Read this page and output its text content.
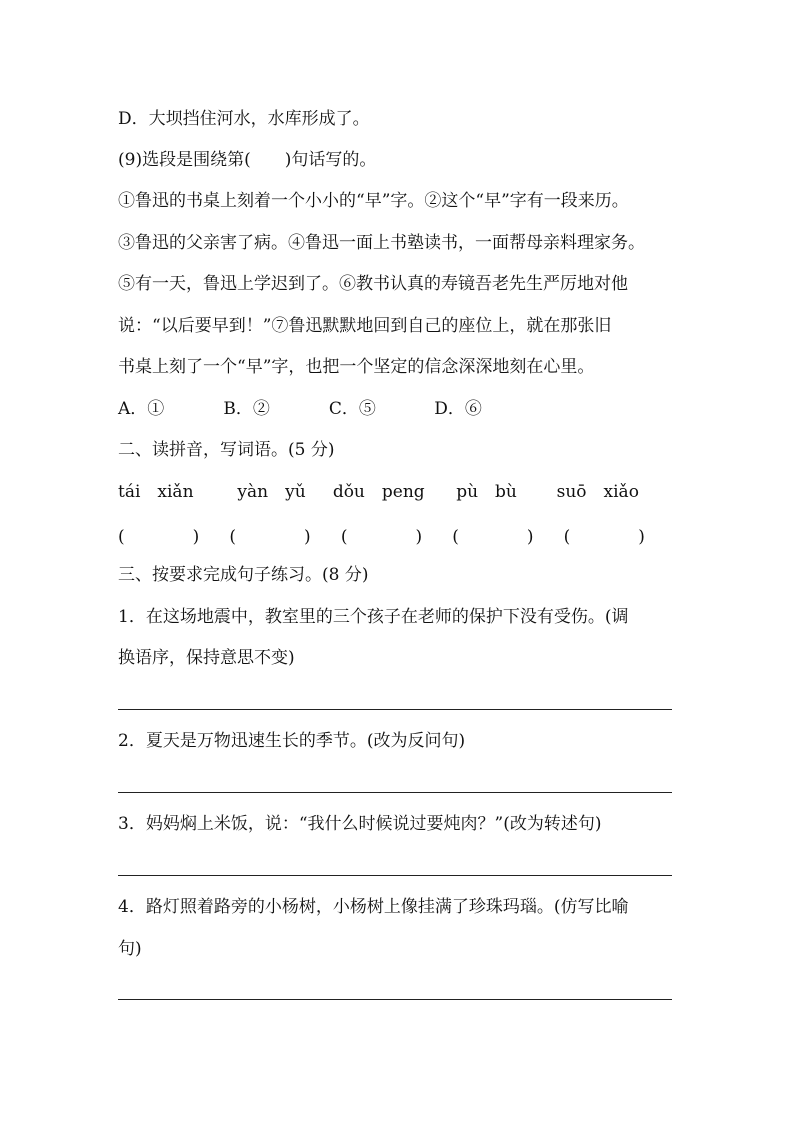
D．大坝挡住河水，水库形成了。
(9)选段是围绕第(　　)句话写的。
①鲁迅的书桌上刻着一个小小的“早”字。②这个“早”字有一段来历。
③鲁迅的父亲害了病。④鲁迅一面上书塾读书，一面帮母亲料理家务。
⑤有一天，鲁迅上学迟到了。⑥教书认真的寿镜吾老先生严厉地对他
说：“以后要早到！”⑦鲁迅默默地回到自己的座位上，就在那张旧
书桌上刻了一个“早”字，也把一个坚定的信念深深地刻在心里。
A．①	B．②	C．⑤	D．⑥
二、读拼音，写词语。(5 分)
tái　xiǎn	yàn　yǔ dǒu　peng pù　bù suō　xiǎo
(　　　　) (　　　　) (　　　　) (　　　　) (　　　　)
三、按要求完成句子练习。(8 分)
1．在这场地震中，教室里的三个孩子在老师的保护下没有受伤。(调
换语序，保持意思不变)
2．夏天是万物迅速生长的季节。(改为反问句)
3．妈妈焖上米饭，说：“我什么时候说过要炖肉？”(改为转述句)
4．路灯照着路旁的小杨树，小杨树上像挂满了珍珠玛瑙。(仿写比喻
句)
